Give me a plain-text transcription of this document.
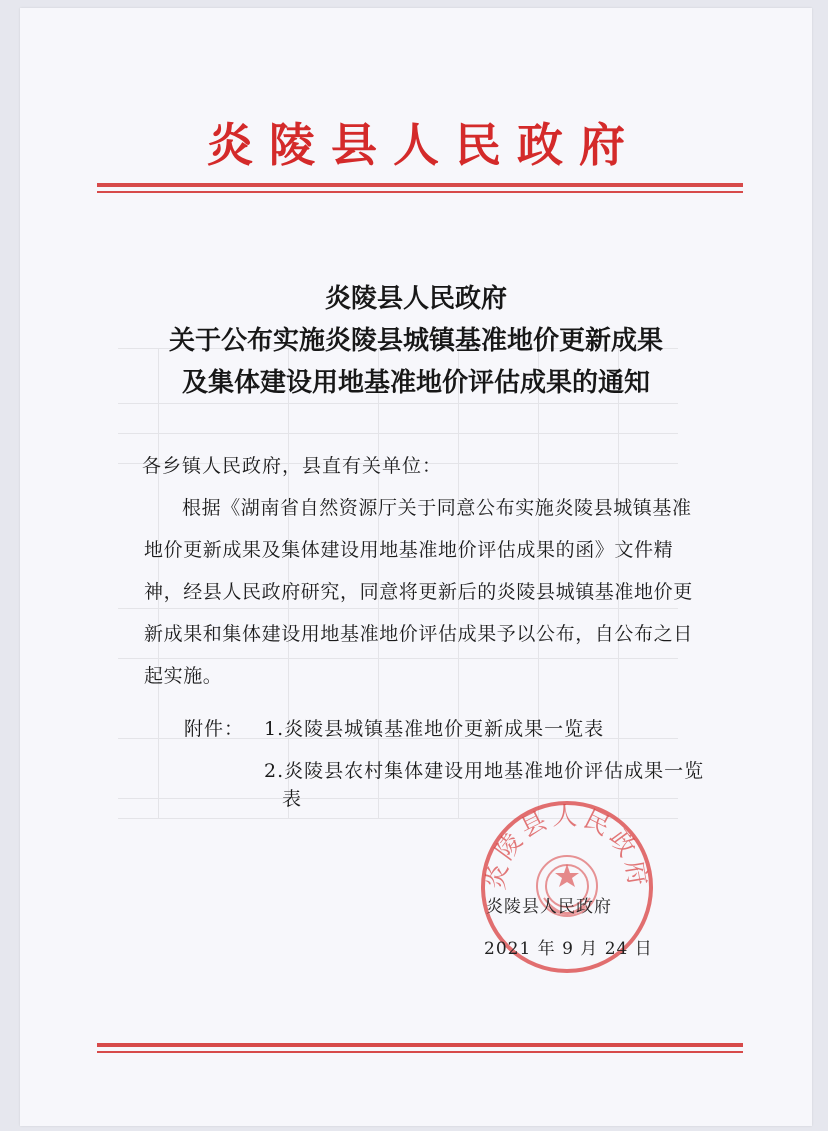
炎陵县人民政府
炎陵县人民政府
关于公布实施炎陵县城镇基准地价更新成果
及集体建设用地基准地价评估成果的通知
各乡镇人民政府，县直有关单位：
根据《湖南省自然资源厅关于同意公布实施炎陵县城镇基准
地价更新成果及集体建设用地基准地价评估成果的函》文件精
神，经县人民政府研究，同意将更新后的炎陵县城镇基准地价更
新成果和集体建设用地基准地价评估成果予以公布，自公布之日
起实施。
附件： 1.炎陵县城镇基准地价更新成果一览表
2.炎陵县农村集体建设用地基准地价评估成果一览
表
炎陵县人民政府
炎陵县人民政府
2021 年 9 月 24 日
